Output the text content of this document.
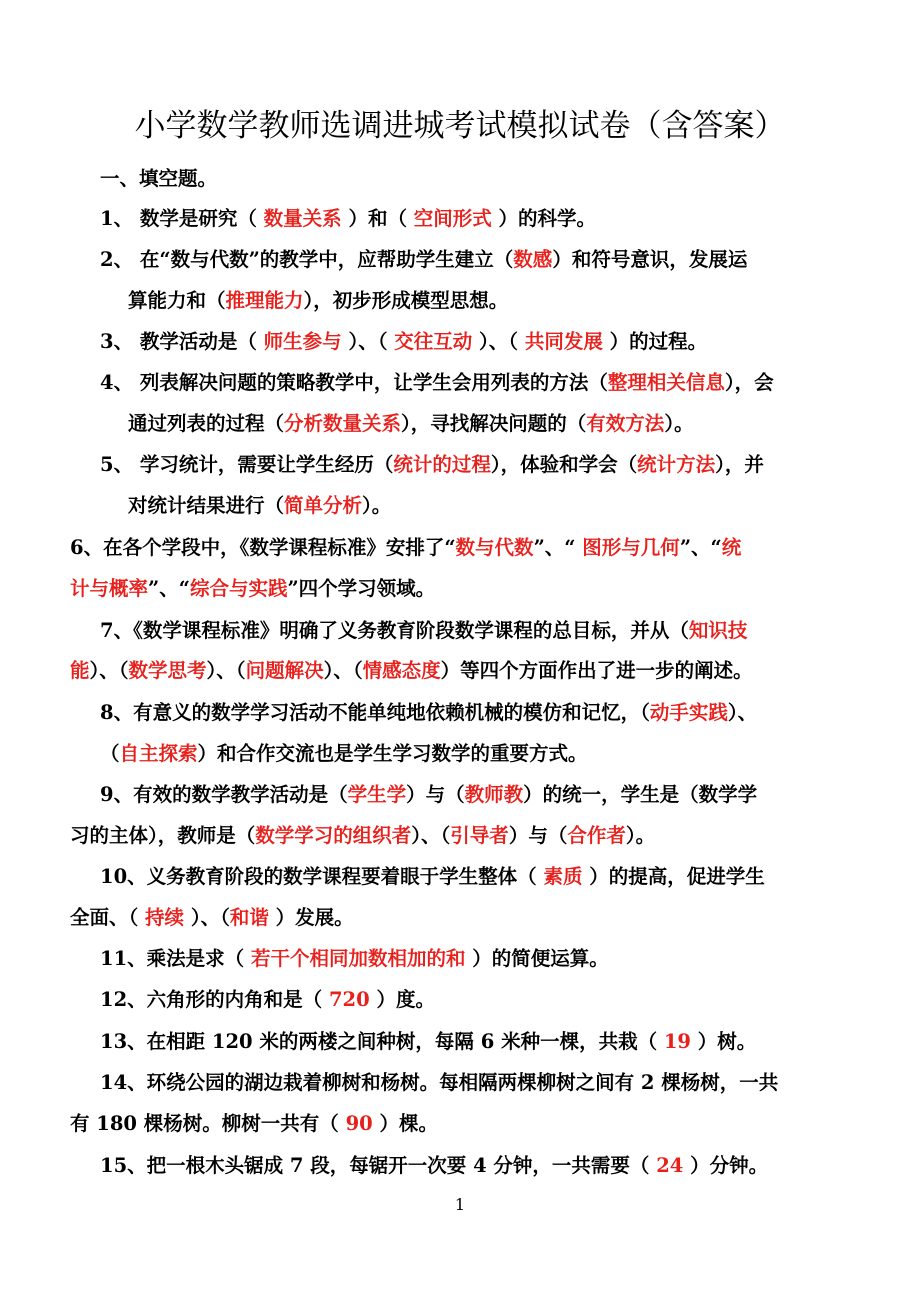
小学数学教师选调进城考试模拟试卷（含答案）
一、填空题。
1、 数学是研究（ 数量关系 ）和（ 空间形式 ）的科学。
2、 在“数与代数”的教学中，应帮助学生建立（数感）和符号意识，发展运
算能力和（推理能力），初步形成模型思想。
3、 教学活动是（ 师生参与 ）、（ 交往互动 ）、（ 共同发展 ）的过程。
4、 列表解决问题的策略教学中，让学生会用列表的方法（整理相关信息），会
通过列表的过程（分析数量关系），寻找解决问题的（有效方法）。
5、 学习统计，需要让学生经历（统计的过程），体验和学会（统计方法），并
对统计结果进行（简单分析）。
6、在各个学段中，《数学课程标准》安排了“数与代数”、“ 图形与几何”、“统
计与概率”、“综合与实践”四个学习领域。
7、《数学课程标准》明确了义务教育阶段数学课程的总目标，并从（知识技
能）、（数学思考）、（问题解决）、（情感态度）等四个方面作出了进一步的阐述。
8、有意义的数学学习活动不能单纯地依赖机械的模仿和记忆，（动手实践）、
（自主探索）和合作交流也是学生学习数学的重要方式。
9、有效的数学教学活动是（学生学）与（教师教）的统一，学生是（数学学
习的主体），教师是（数学学习的组织者）、（引导者）与（合作者）。
10、义务教育阶段的数学课程要着眼于学生整体（ 素质 ）的提高，促进学生
全面、（ 持续 ）、（和谐 ）发展。
11、乘法是求（ 若干个相同加数相加的和 ）的简便运算。
12、六角形的内角和是（ 720 ）度。
13、在相距 120 米的两楼之间种树，每隔 6 米种一棵，共栽（ 19 ）树。
14、环绕公园的湖边栽着柳树和杨树。每相隔两棵柳树之间有 2 棵杨树，一共
有 180 棵杨树。柳树一共有（ 90 ）棵。
15、把一根木头锯成 7 段，每锯开一次要 4 分钟，一共需要（ 24 ）分钟。
1
